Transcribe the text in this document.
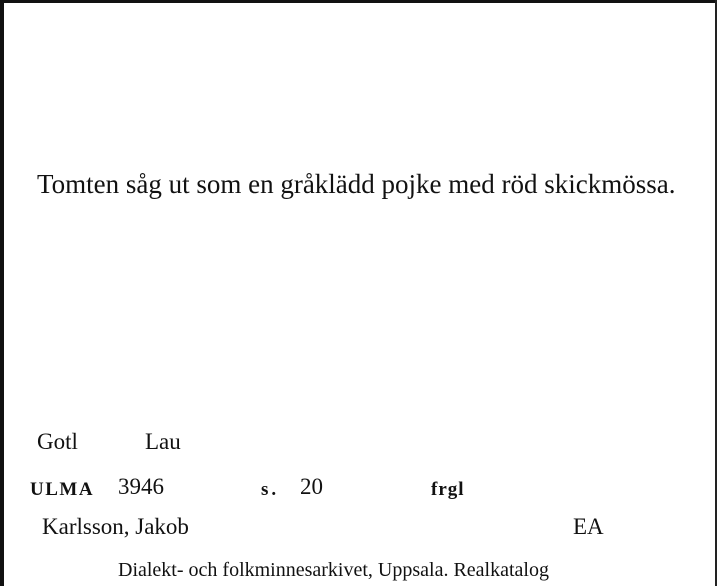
Tomten såg ut som en gråklädd pojke med röd skickmössa.
Gotl	Lau
ULMA 3946	s. 20	frgl
Karlsson, Jakob	EA
Dialekt- och folkminnesarkivet, Uppsala. Realkatalog
